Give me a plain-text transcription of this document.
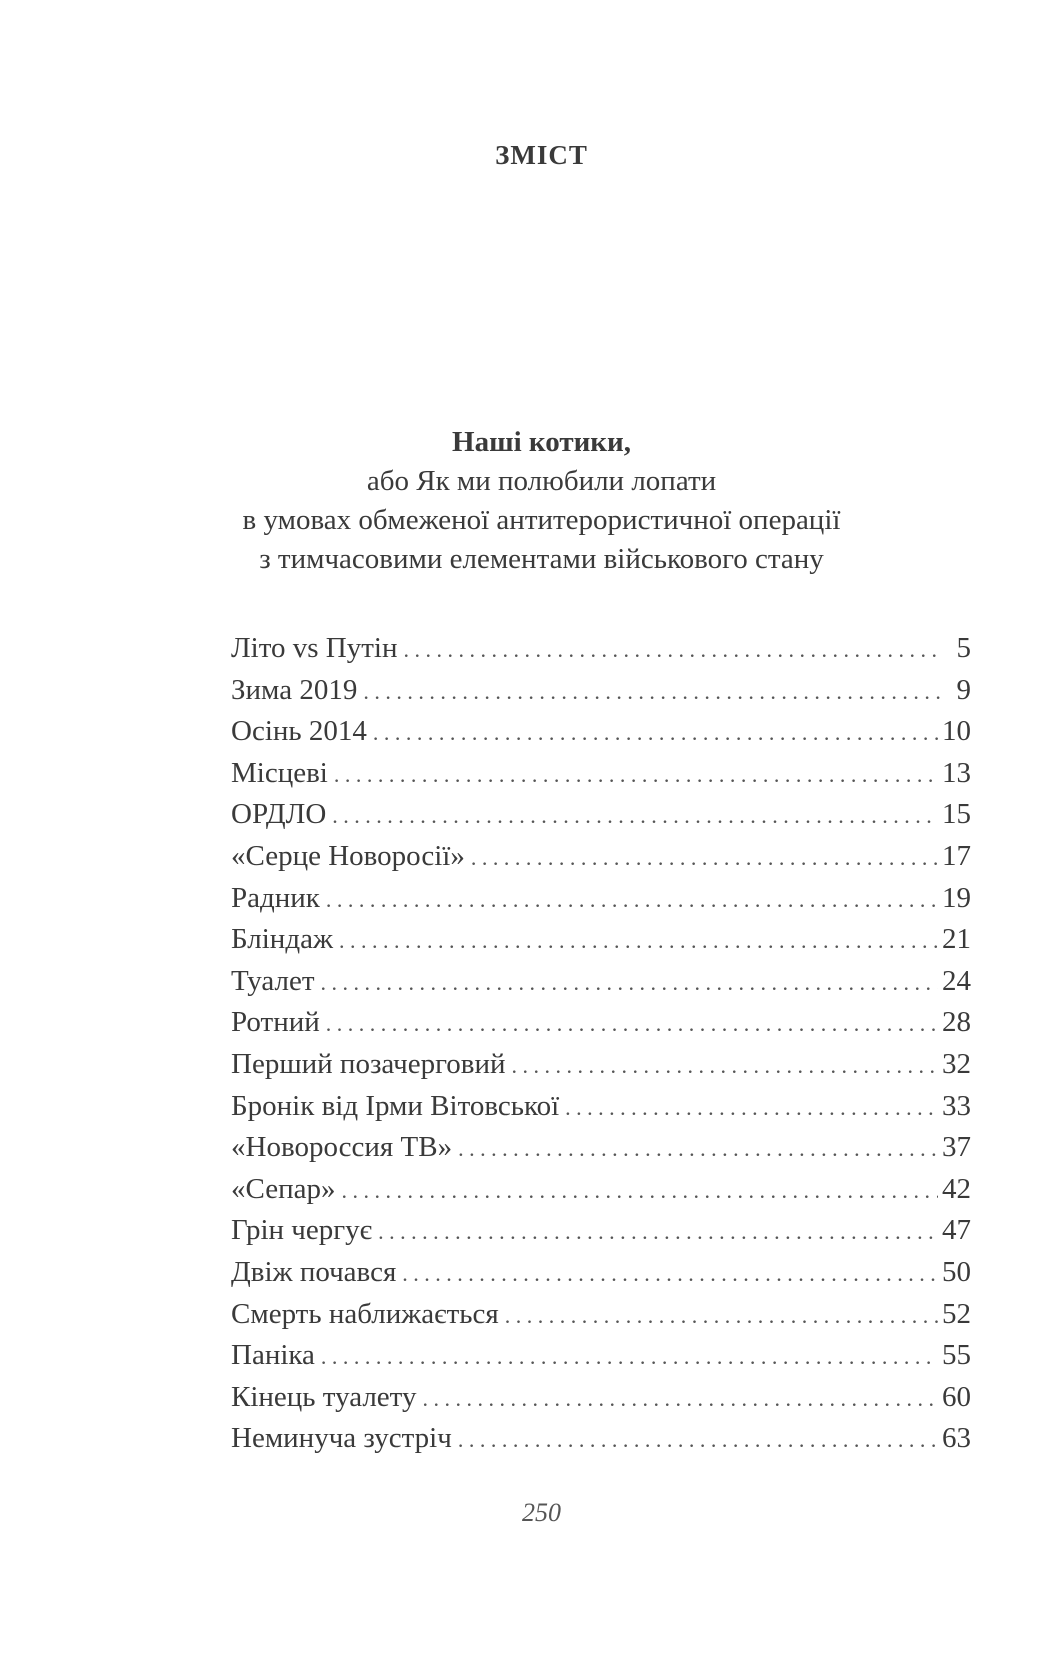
ЗМІСТ
Наші котики,
або Як ми полюбили лопати
в умовах обмеженої антитерористичної операції
з тимчасовими елементами військового стану
Літо vs Путін . . .	5
Зима 2019 . . .	9
Осінь 2014 . . .	10
Місцеві . . .	13
ОРДЛО . . .	15
«Серце Новоросії» . . .	17
Радник . . .	19
Бліндаж . . .	21
Туалет . . .	24
Ротний . . .	28
Перший позачерговий . . .	32
Бронік від Ірми Вітовської . . .	33
«Новороссия ТВ» . . .	37
«Сепар» . . .	42
Грін чергує . . .	47
Двіж почався . . .	50
Смерть наближається . . .	52
Паніка . . .	55
Кінець туалету . . .	60
Неминуча зустріч . . .	63
250
